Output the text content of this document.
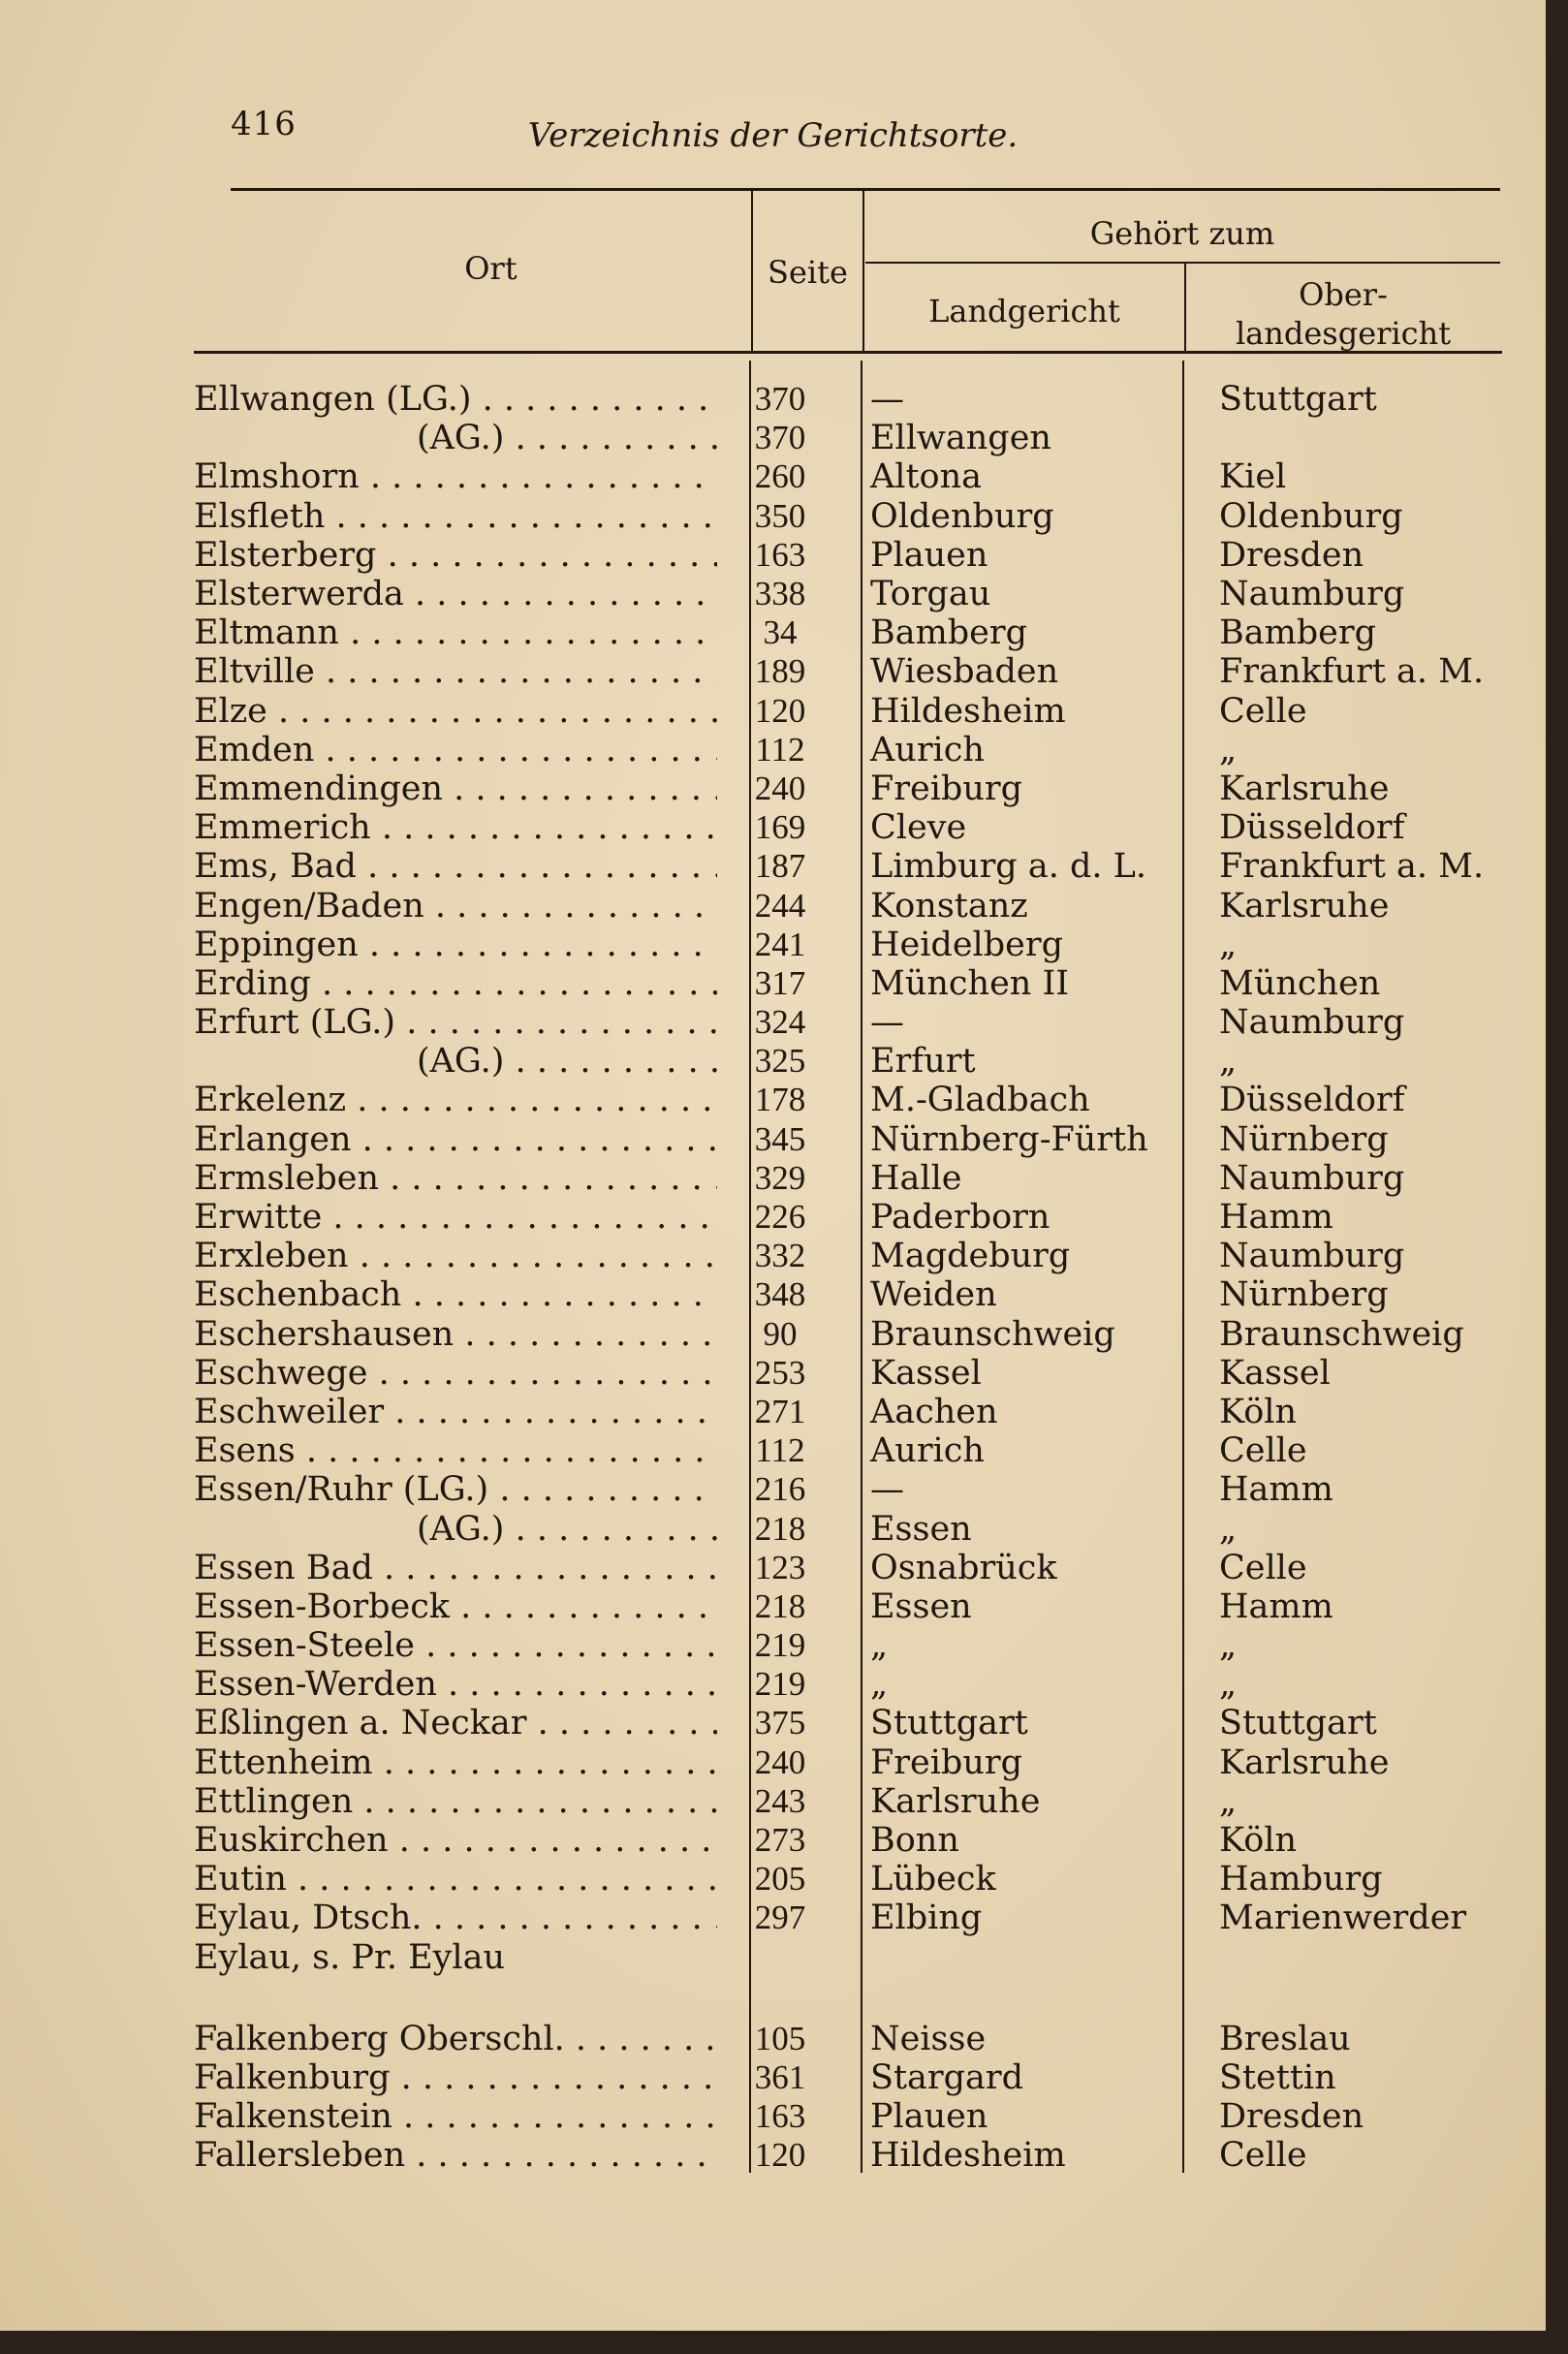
416	Verzeichnis der Gerichtsorte.
Ort	Seite
Gehört zum
Landgericht	Ober-
landesgericht
Ellwangen (LG.) . . .	370	—	Stuttgart
(AG.) . . .	370	Ellwangen	
Elmshorn . . .	260	Altona	Kiel
Elsfleth . . .	350	Oldenburg	Oldenburg
Elsterberg . . .	163	Plauen	Dresden
Elsterwerda . . .	338	Torgau	Naumburg
Eltmann . . .	34	Bamberg	Bamberg
Eltville . . .	189	Wiesbaden	Frankfurt a. M.
Elze . . .	120	Hildesheim	Celle
Emden . . .	112	Aurich	„
Emmendingen . . .	240	Freiburg	Karlsruhe
Emmerich . . .	169	Cleve	Düsseldorf
Ems, Bad . . .	187	Limburg a. d. L.	Frankfurt a. M.
Engen/Baden . . .	244	Konstanz	Karlsruhe
Eppingen . . .	241	Heidelberg	„
Erding . . .	317	München II	München
Erfurt (LG.) . . .	324	—	Naumburg
(AG.) . . .	325	Erfurt	„
Erkelenz . . .	178	M.-Gladbach	Düsseldorf
Erlangen . . .	345	Nürnberg-Fürth	Nürnberg
Ermsleben . . .	329	Halle	Naumburg
Erwitte . . .	226	Paderborn	Hamm
Erxleben . . .	332	Magdeburg	Naumburg
Eschenbach . . .	348	Weiden	Nürnberg
Eschershausen . . .	90	Braunschweig	Braunschweig
Eschwege . . .	253	Kassel	Kassel
Eschweiler . . .	271	Aachen	Köln
Esens . . .	112	Aurich	Celle
Essen/Ruhr (LG.) . . .	216	—	Hamm
(AG.) . . .	218	Essen	„
Essen Bad . . .	123	Osnabrück	Celle
Essen-Borbeck . . .	218	Essen	Hamm
Essen-Steele . . .	219	„	„
Essen-Werden . . .	219	„	„
Eßlingen a. Neckar . . .	375	Stuttgart	Stuttgart
Ettenheim . . .	240	Freiburg	Karlsruhe
Ettlingen . . .	243	Karlsruhe	„
Euskirchen . . .	273	Bonn	Köln
Eutin . . .	205	Lübeck	Hamburg
Eylau, Dtsch. . . .	297	Elbing	Marienwerder
Eylau, s. Pr. Eylau			

Falkenberg Oberschl. . . .	105	Neisse	Breslau
Falkenburg . . .	361	Stargard	Stettin
Falkenstein . . .	163	Plauen	Dresden
Fallersleben . . .	120	Hildesheim	Celle
